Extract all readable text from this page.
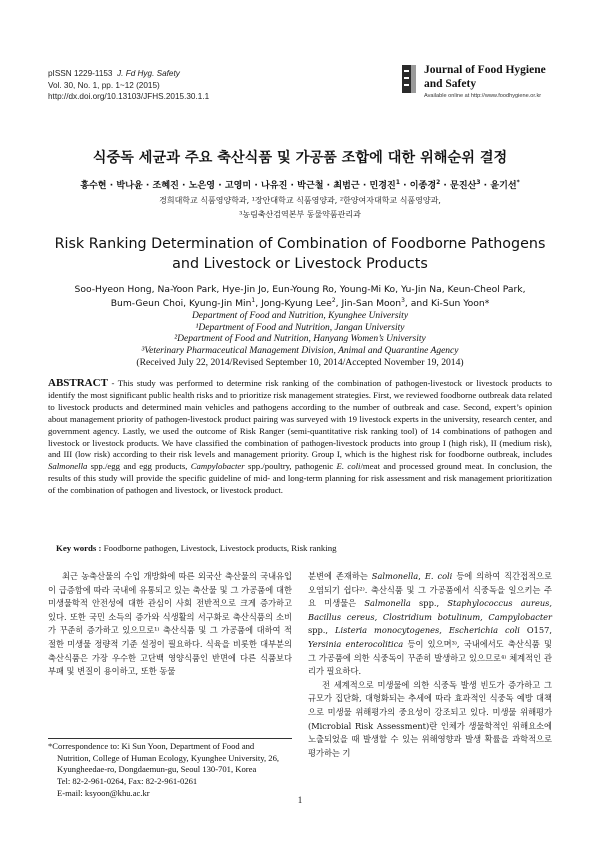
pISSN 1229-1153 J. Fd Hyg. Safety
Vol. 30, No. 1, pp. 1~12 (2015)
http://dx.doi.org/10.13103/JFHS.2015.30.1.1
Journal of Food Hygiene
and Safety
Available online at http://www.foodhygiene.or.kr
식중독 세균과 주요 축산식품 및 가공품 조합에 대한 위해순위 결정
홍수현 · 박나윤 · 조혜진 · 노은영 · 고영미 · 나유진 · 박근철 · 최범근 · 민경진$^1$ · 이종경$^2$ · 문진산$^3$ · 윤기선*
경희대학교 식품영양학과, ¹장안대학교 식품영양과, ²한양여자대학교 식품영양과,
³농림축산검역본부 동물약품관리과
Risk Ranking Determination of Combination of Foodborne Pathogens
and Livestock or Livestock Products
Soo-Hyeon Hong, Na-Yoon Park, Hye-Jin Jo, Eun-Young Ro, Young-Mi Ko, Yu-Jin Na, Keun-Cheol Park,
Bum-Geun Choi, Kyung-Jin Min$^1$, Jong-Kyung Lee$^2$, Jin-San Moon$^3$, and Ki-Sun Yoon*
Department of Food and Nutrition, Kyunghee University
¹Department of Food and Nutrition, Jangan University
²Department of Food and Nutrition, Hanyang Women’s University
³Veterinary Pharmaceutical Management Division, Animal and Quarantine Agency
(Received July 22, 2014/Revised September 10, 2014/Accepted November 19, 2014)
ABSTRACT - This study was performed to determine risk ranking of the combination of pathogen-livestock or livestock products to identify the most significant public health risks and to prioritize risk management strategies. First, we reviewed foodborne outbreak data related to livestock products and determined main vehicles and pathogens according to the number of outbreak and case. Second, expert’s opinion about management priority of pathogen-livestock product pairing was surveyed with 19 livestock experts in the university, research center, and government agency. Lastly, we used the outcome of Risk Ranger (semi-quantitative risk ranking tool) of 14 combinations of pathogen and livestock or livestock products. We have classified the combination of pathogen-livestock products into group I (high risk), II (medium risk), and III (low risk) according to their risk levels and management priority. Group I, which is the highest risk for foodborne outbreak, includes Salmonella spp./egg and egg products, Campylobacter spp./poultry, pathogenic E. coli/meat and processed ground meat. In conclusion, the results of this study will provide the specific guideline of mid- and long-term planning for risk assessment and risk management prioritization of the combination of pathogen and livestock, or livestock product.
Key words : Foodborne pathogen, Livestock, Livestock products, Risk ranking

최근 농축산물의 수입 개방화에 따른 외국산 축산물의 국내유입이 급증함에 따라 국내에 유통되고 있는 축산물 및 그 가공품에 대한 미생물학적 안전성에 대한 관심이 사회 전반적으로 크게 증가하고 있다. 또한 국민 소득의 증가와 식생활의 서구화로 축산식품의 소비가 꾸준히 증가하고 있으므로¹⁾ 축산식품 및 그 가공품에 대하여 적절한 미생물 정량적 기준 설정이 필요하다. 식육을 비롯한 대부분의 축산식품은 가장 우수한 고단백 영양식품인 반면에 다른 식품보다 부패 및 변질이 용이하고, 또한 동물

분변에 존재하는 Salmonella, E. coli 등에 의하여 직간접적으로 오염되기 쉽다²⁾. 축산식품 및 그 가공품에서 식중독을 일으키는 주요 미생물은 Salmonella spp., Staphylococcus aureus, Bacillus cereus, Clostridium botulinum, Campylobacter spp., Listeria monocytogenes, Escherichia coli O157, Yersinia enterocolitica 등이 있으며³⁾, 국내에서도 축산식품 및 그 가공품에 의한 식중독이 꾸준히 발생하고 있으므로⁴⁾ 체계적인 관리가 필요하다.

전 세계적으로 미생물에 의한 식중독 발생 빈도가 증가하고 그 규모가 집단화, 대형화되는 추세에 따라 효과적인 식중독 예방 대책으로 미생물 위해평가의 중요성이 강조되고 있다. 미생물 위해평가(Microbial Risk Assessment)란 인체가 생물학적인 위해요소에 노출되었을 때 발생할 수 있는 위해영향과 발생 확률을 과학적으로 평가하는 기

*Correspondence to: Ki Sun Yoon, Department of Food and
Nutrition, College of Human Ecology, Kyunghee University, 26,
Kyungheedae-ro, Dongdaemun-gu, Seoul 130-701, Korea
Tel: 82-2-961-0264, Fax: 82-2-961-0261
E-mail: ksyoon@khu.ac.kr
1
